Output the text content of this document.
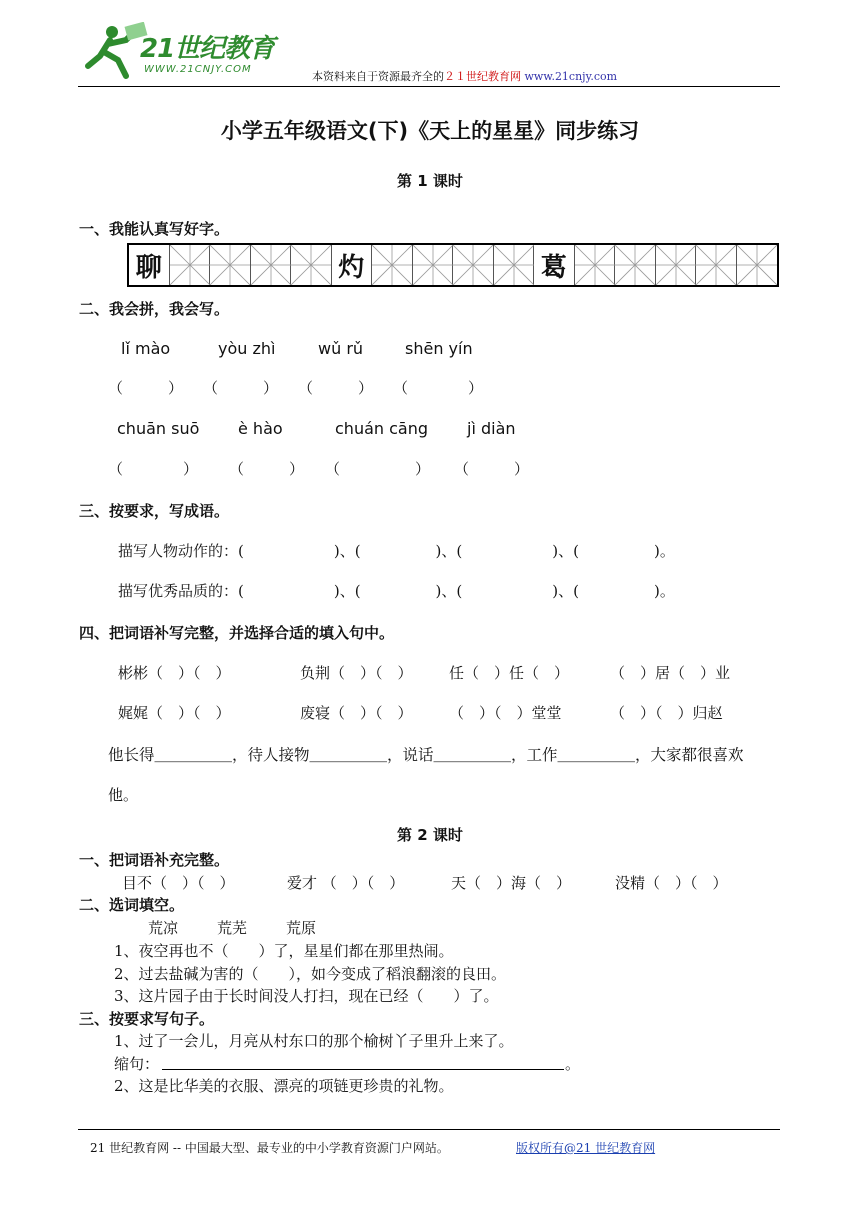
21世纪教育
WWW.21CNJY.COM
本资料来自于资源最齐全的２１世纪教育网 www.21cnjy.com
小学五年级语文(下)《天上的星星》同步练习
第 1 课时
一、我能认真写好字。
聊	灼	葛
二、我会拼，我会写。
lǐ mào	yòu zhì	wǔ rǔ	shēn yín
（　　　） （　　　） （　　　） （　　　　）
chuān suō è hào	chuán cāng jì diàn
（　　　　） （　　　） （　　　　　） （　　　）
三、按要求，写成语。
描写人物动作的：(　　　　　　)、(　　　　　)、(　　　　　　)、(　　　　　)。
描写优秀品质的：(　　　　　　)、(　　　　　)、(　　　　　　)、(　　　　　)。
四、把词语补写完整，并选择合适的填入句中。
彬彬（　）（　）	负荆（　）（　） 任（　）任（　）	（　）居（　）业
娓娓（　）（　）	废寝（　）（　） （　）（　）堂堂	（　）（　）归赵
他长得＿＿＿＿＿，待人接物＿＿＿＿＿，说话＿＿＿＿＿，工作＿＿＿＿＿，大家都很喜欢
他。
第 2 课时
一、把词语补充完整。
目不（　）（　）	爱才 （　）（　）	天（　）海（　）	没精（　）（　）
二、选词填空。
荒凉	荒芜	荒原
1、夜空再也不（　　）了，星星们都在那里热闹。
2、过去盐碱为害的（　　），如今变成了稻浪翻滚的良田。
3、这片园子由于长时间没人打扫，现在已经（　　）了。
三、按要求写句子。
1、过了一会儿，月亮从村东口的那个榆树丫子里升上来了。
缩句：	。
2、这是比华美的衣服、漂亮的项链更珍贵的礼物。
21 世纪教育网 -- 中国最大型、最专业的中小学教育资源门户网站。	版权所有@21 世纪教育网
